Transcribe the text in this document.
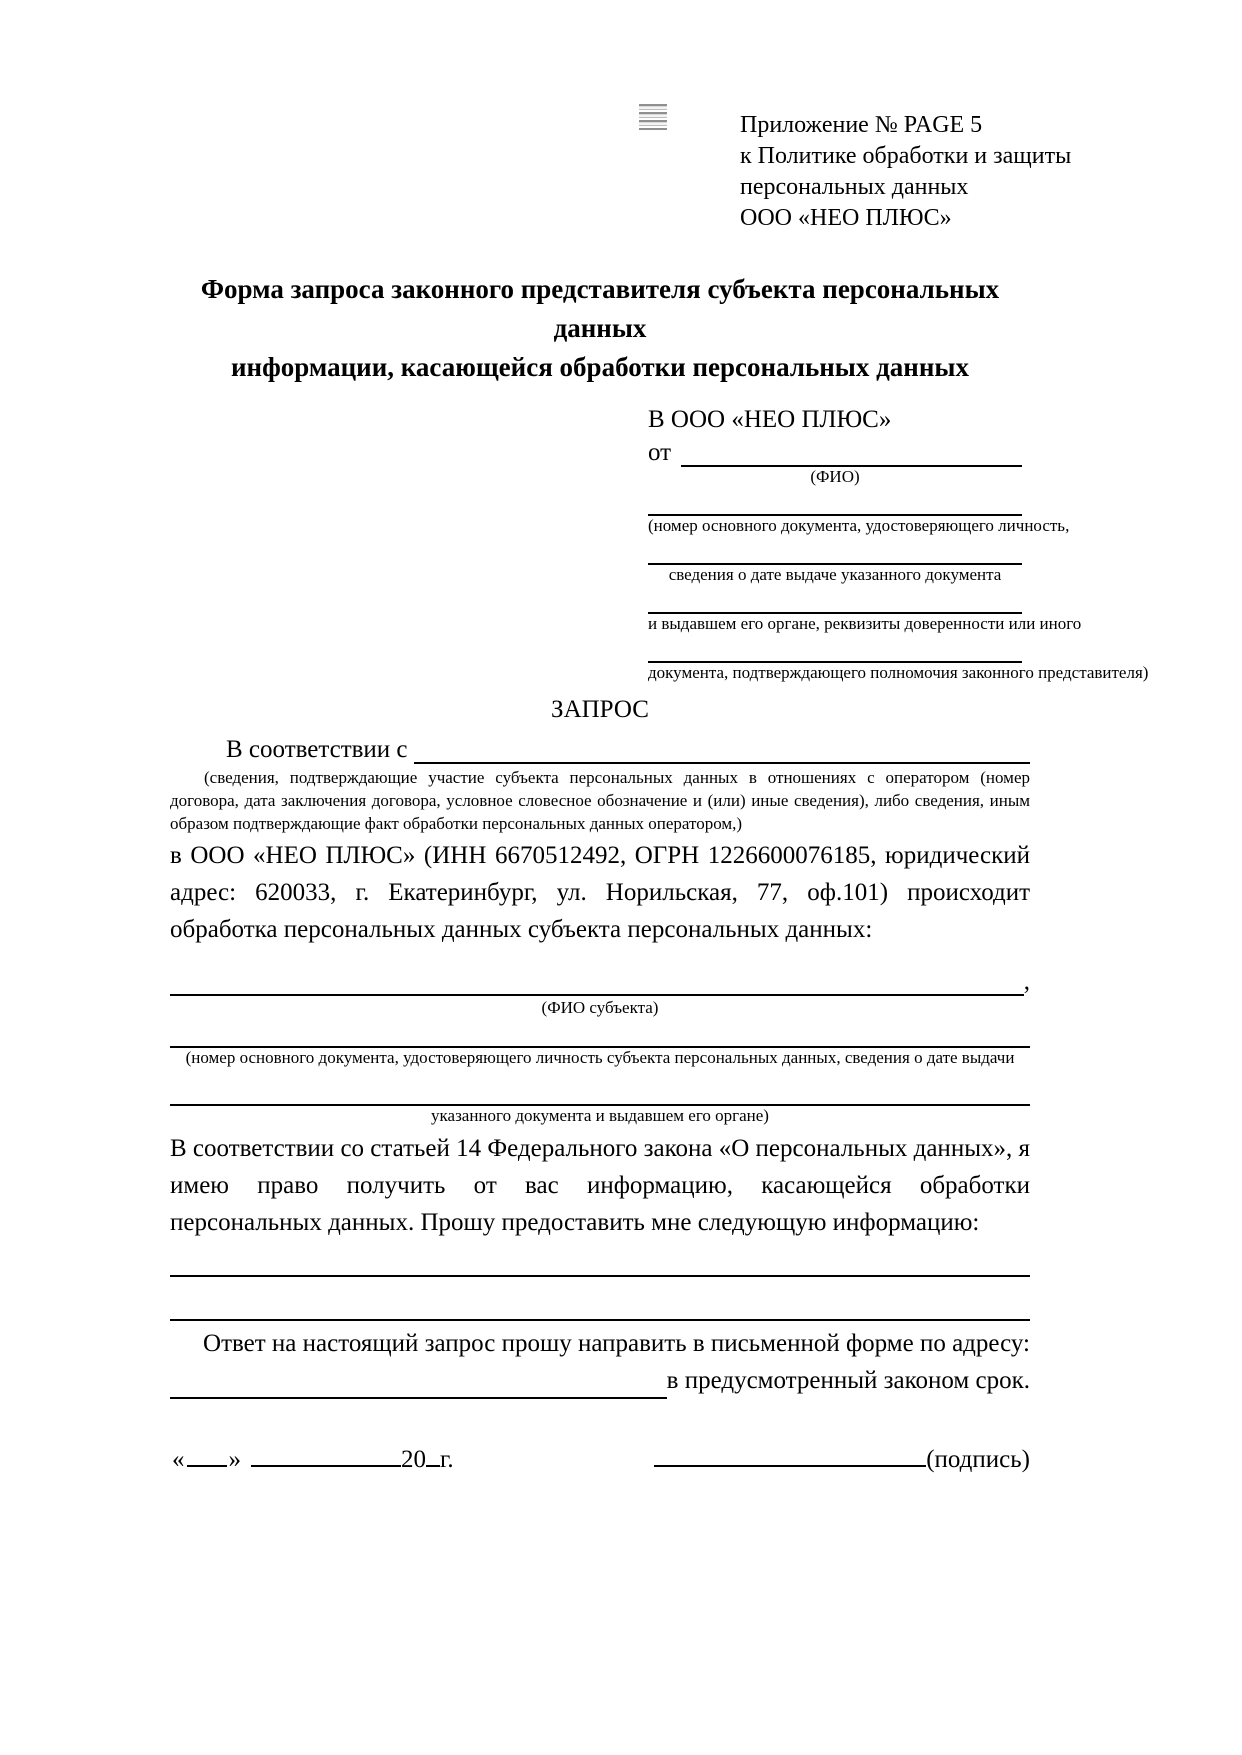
Приложение № PAGE 5
к Политике обработки и защиты
персональных данных
ООО «НЕО ПЛЮС»
Форма запроса законного представителя субъекта персональных данных
информации, касающейся обработки персональных данных
В ООО «НЕО ПЛЮС»
от
(ФИО)
(номер основного документа, удостоверяющего личность,
сведения о дате выдаче указанного документа
и выдавшем его органе, реквизиты доверенности или иного
документа, подтверждающего полномочия законного представителя)
ЗАПРОС
В соответствии с
(сведения, подтверждающие участие субъекта персональных данных в отношениях с оператором (номер договора, дата заключения договора, условное словесное обозначение и (или) иные сведения), либо сведения, иным образом подтверждающие факт обработки персональных данных оператором,)

в ООО «НЕО ПЛЮС» (ИНН 6670512492, ОГРН 1226600076185, юридический адрес: 620033, г. Екатеринбург, ул. Норильская, 77, оф.101) происходит обработка персональных данных субъекта персональных данных:

,
(ФИО субъекта)
(номер основного документа, удостоверяющего личность субъекта персональных данных, сведения о дате выдачи
указанного документа и выдавшем его органе)

В соответствии со статьей 14 Федерального закона «О персональных данных», я имею право получить от вас информацию, касающейся обработки персональных данных. Прошу предоставить мне следующую информацию:

Ответ на настоящий запрос прошу направить в письменной форме по адресу:
в предусмотренный законом срок.
« »	20 г.	(подпись)
